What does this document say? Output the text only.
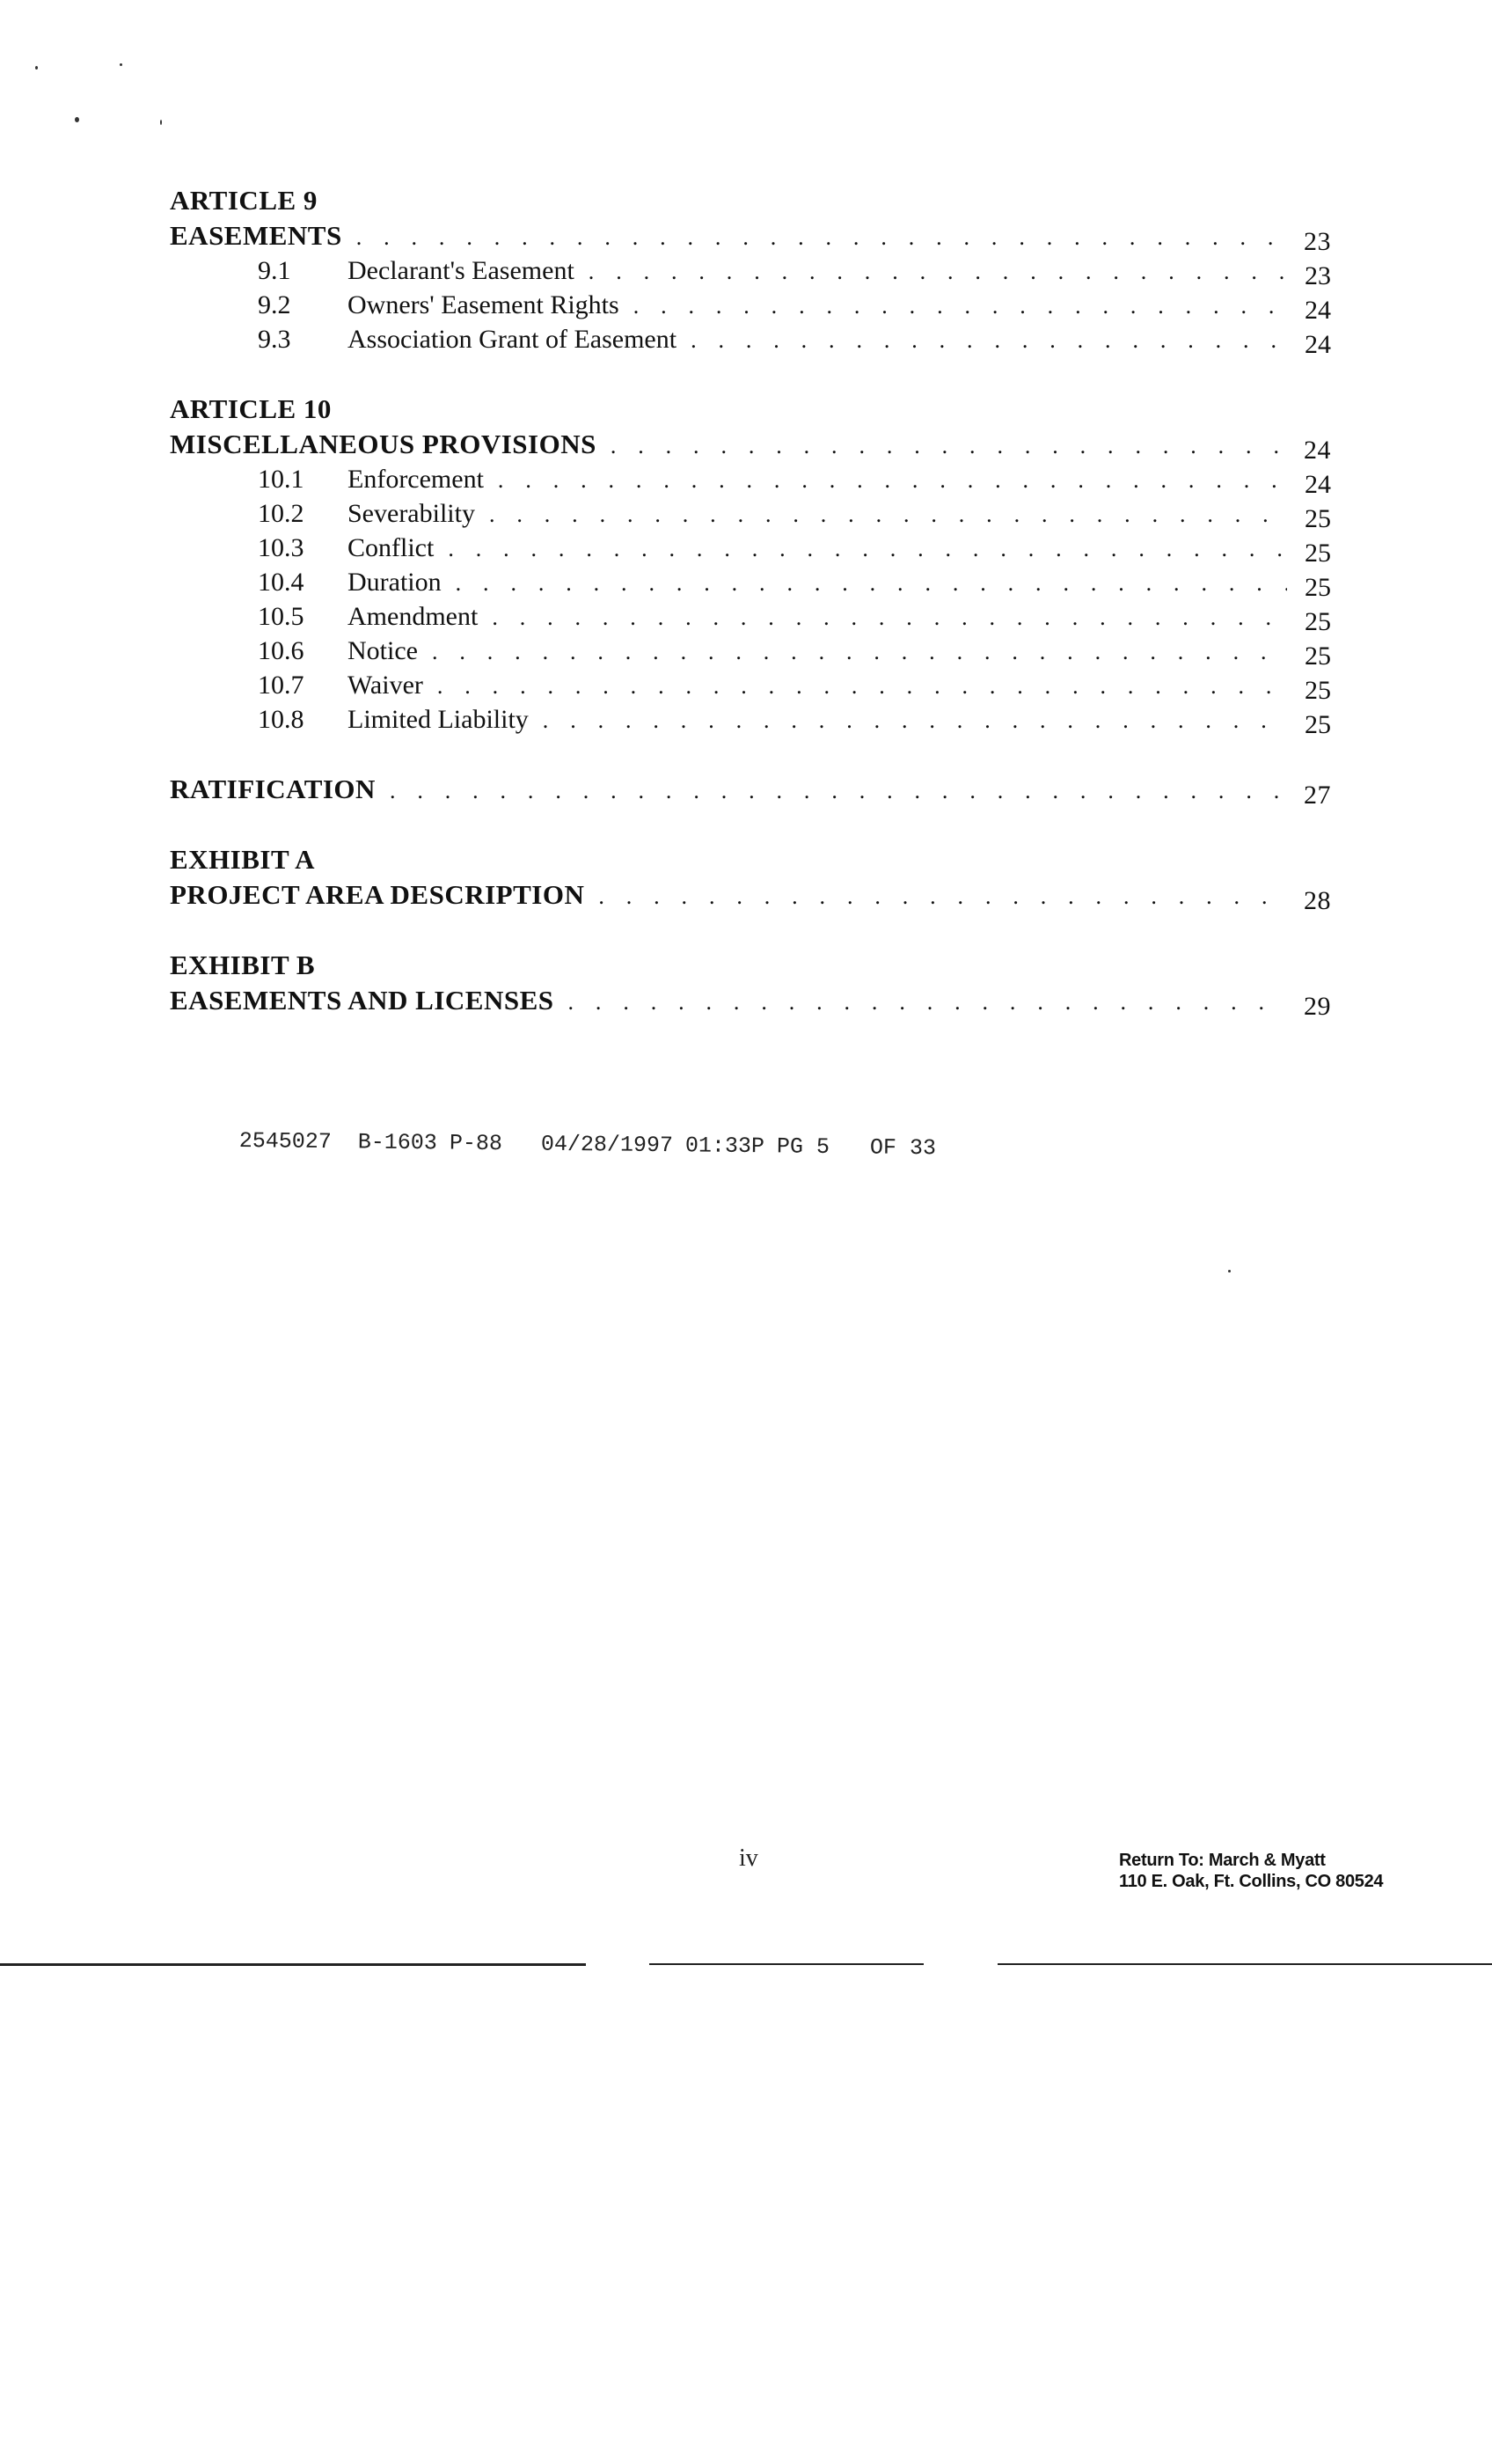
ARTICLE 9
EASEMENTS . . .	23
9.1	Declarant's Easement . . .	23
9.2	Owners' Easement Rights . . .	24
9.3	Association Grant of Easement . . .	24
ARTICLE 10
MISCELLANEOUS PROVISIONS . . .	24
10.1	Enforcement . . .	24
10.2	Severability . . .	25
10.3	Conflict . . .	25
10.4	Duration . . .	25
10.5	Amendment . . .	25
10.6	Notice . . .	25
10.7	Waiver . . .	25
10.8	Limited Liability . . .	25
RATIFICATION . . .	27
EXHIBIT A
PROJECT AREA DESCRIPTION . . .	28
EXHIBIT B
EASEMENTS AND LICENSES . . .	29
2545027 B-1603 P-88 04/28/1997 01:33P PG 5 OF 33
iv	Return To: March & Myatt
110 E. Oak, Ft. Collins, CO 80524
